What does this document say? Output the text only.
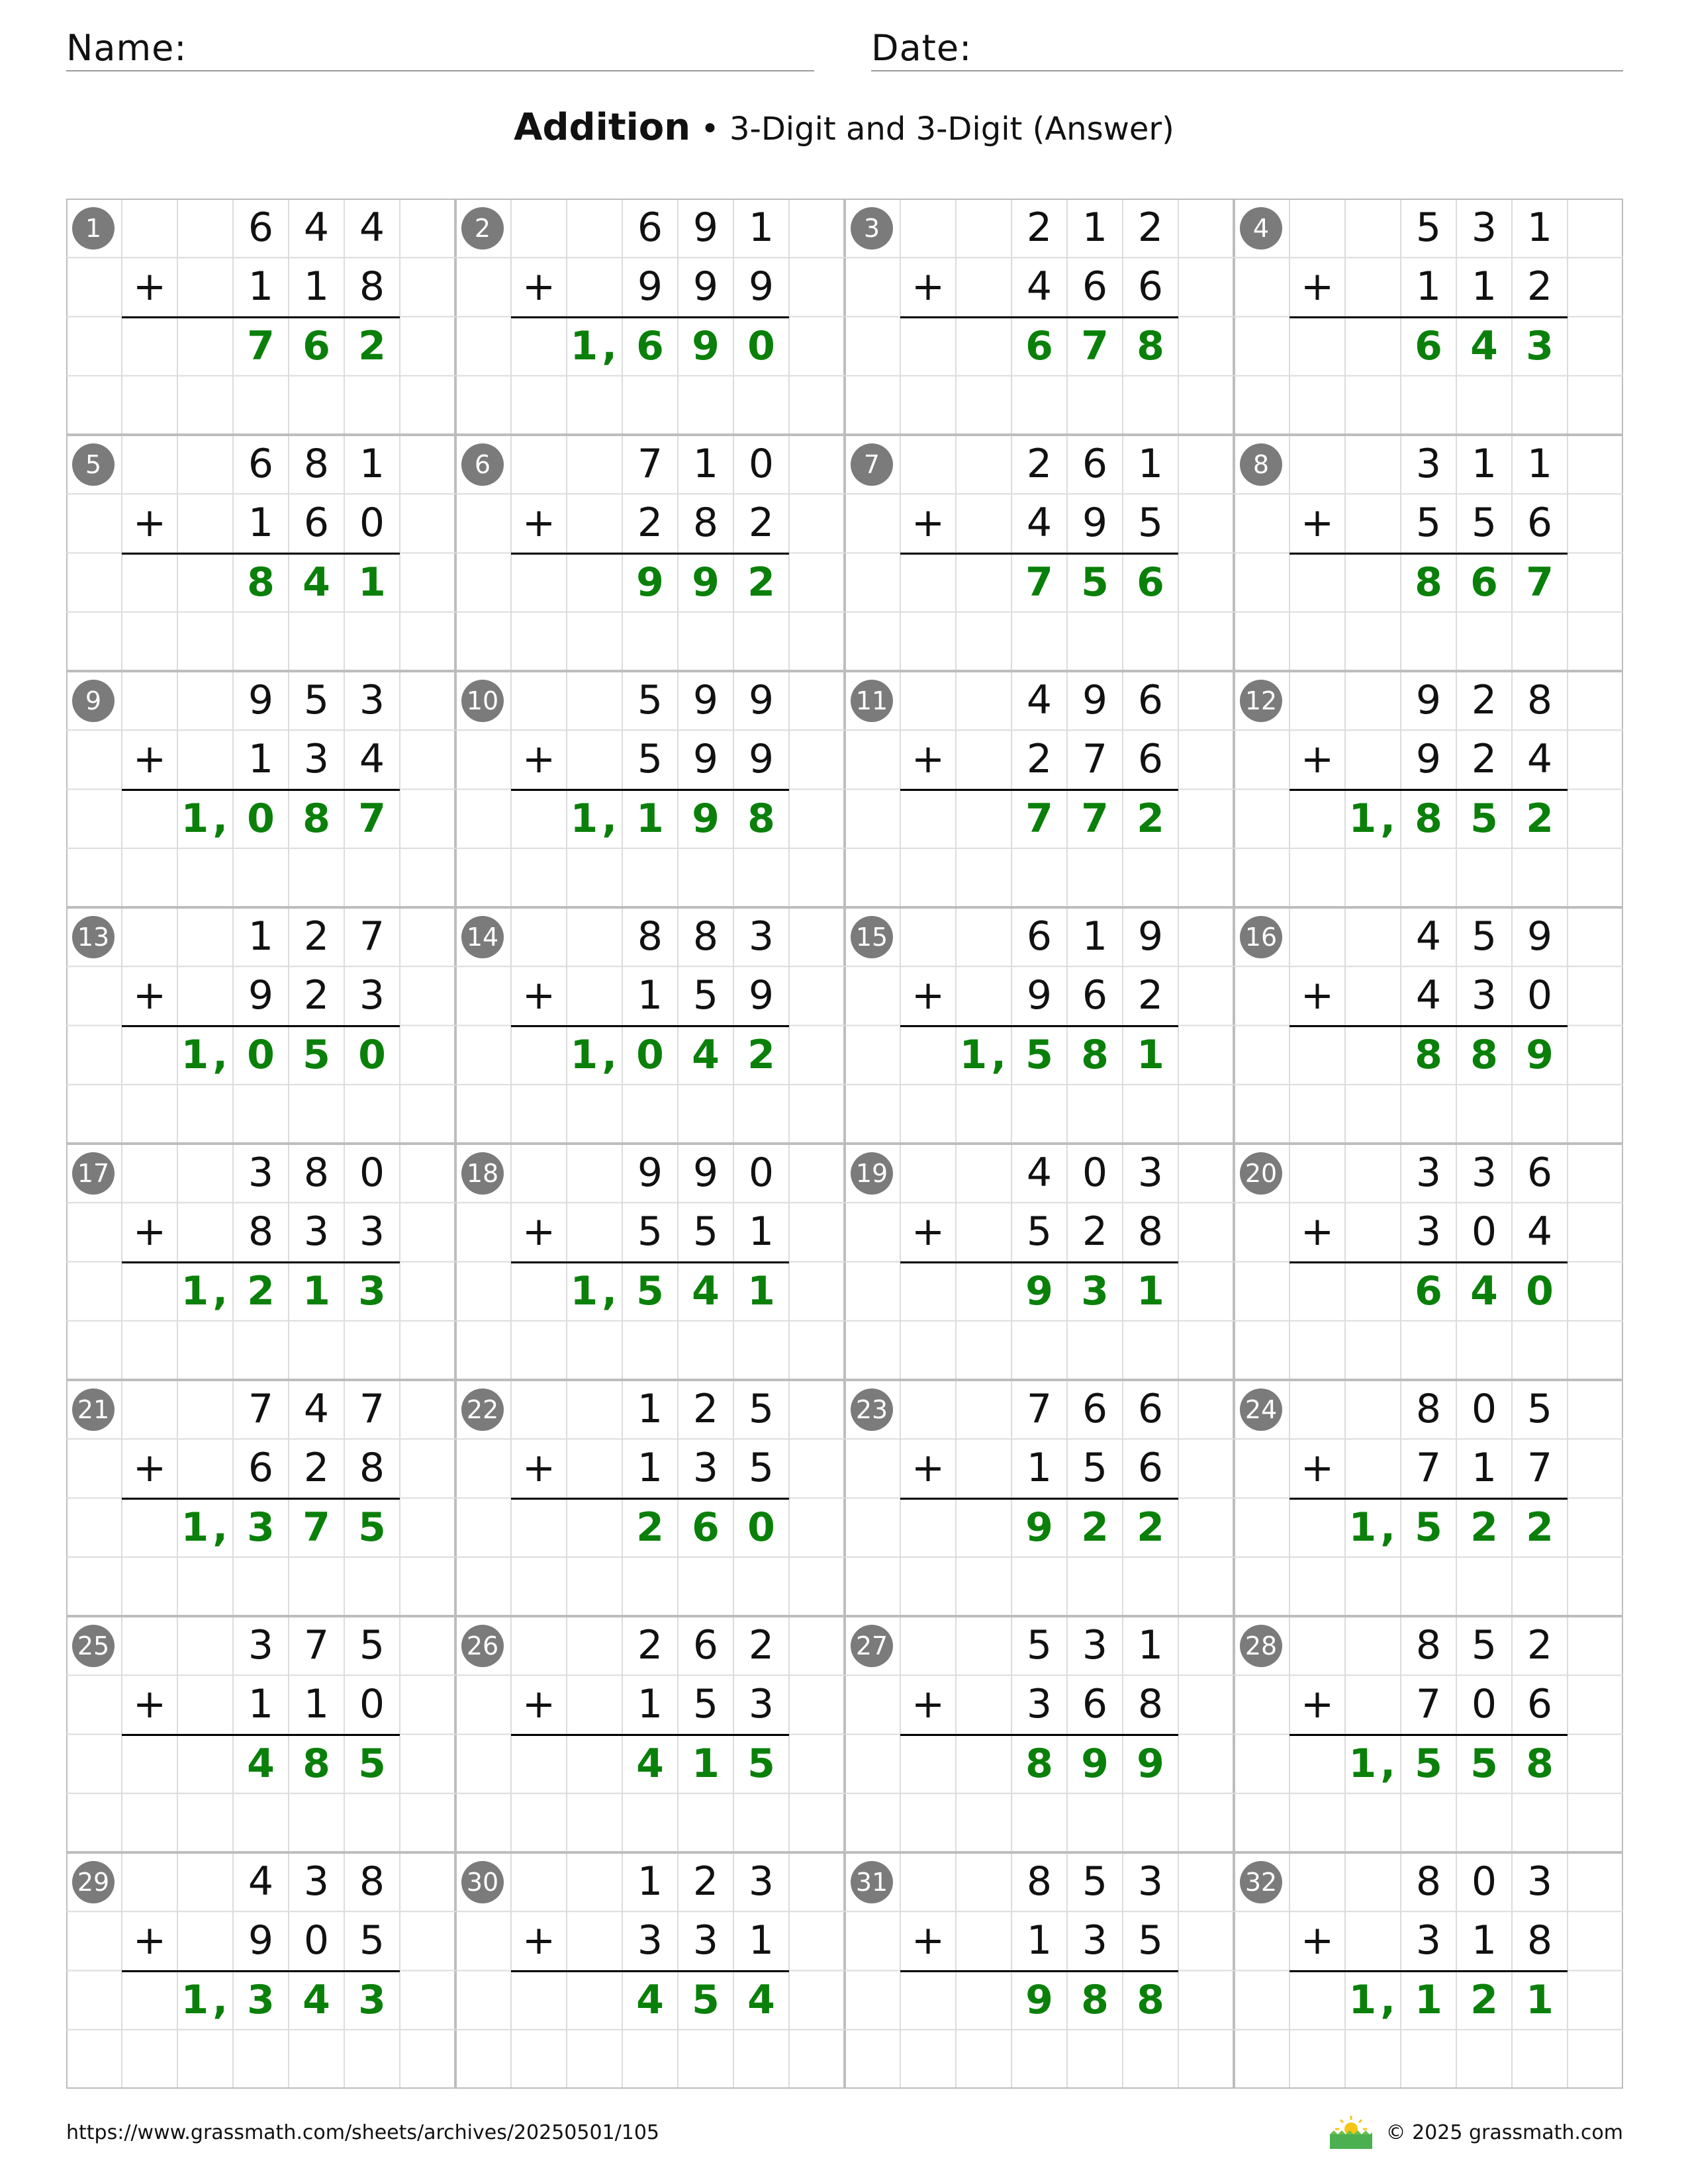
Name:	Date:
Addition • 3-Digit and 3-Digit (Answer)
1	6 4 4
1 1 8
+
7 6 2
2	6 9 1
9 9 9
+
1, 6 9 0
3	2 1 2
4 6 6
+
6 7 8
4	5 3 1
1 1 2
+
6 4 3
5	6 8 1
1 6 0
+
8 4 1
6	7 1 0
2 8 2
+
9 9 2
7	2 6 1
4 9 5
+
7 5 6
8	3 1 1
5 5 6
+
8 6 7
9	9 5 3
1 3 4
+
1, 0 8 7
10	5 9 9
5 9 9
+
1, 1 9 8
11	4 9 6
2 7 6
+
7 7 2
12	9 2 8
9 2 4
+
1, 8 5 2
13	1 2 7
9 2 3
+
1, 0 5 0
14	8 8 3
1 5 9
+
1, 0 4 2
15	6 1 9
9 6 2
+
1, 5 8 1
16	4 5 9
4 3 0
+
8 8 9
17	3 8 0
8 3 3
+
1, 2 1 3
18	9 9 0
5 5 1
+
1, 5 4 1
19	4 0 3
5 2 8
+
9 3 1
20	3 3 6
3 0 4
+
6 4 0
21	7 4 7
6 2 8
+
1, 3 7 5
22	1 2 5
1 3 5
+
2 6 0
23	7 6 6
1 5 6
+
9 2 2
24	8 0 5
7 1 7
+
1, 5 2 2
25	3 7 5
1 1 0
+
4 8 5
26	2 6 2
1 5 3
+
4 1 5
27	5 3 1
3 6 8
+
8 9 9
28	8 5 2
7 0 6
+
1, 5 5 8
29	4 3 8
9 0 5
+
1, 3 4 3
30	1 2 3
3 3 1
+
4 5 4
31	8 5 3
1 3 5
+
9 8 8
32	8 0 3
3 1 8
+
1, 1 2 1
https://www.grassmath.com/sheets/archives/20250501/105	© 2025 grassmath.com
